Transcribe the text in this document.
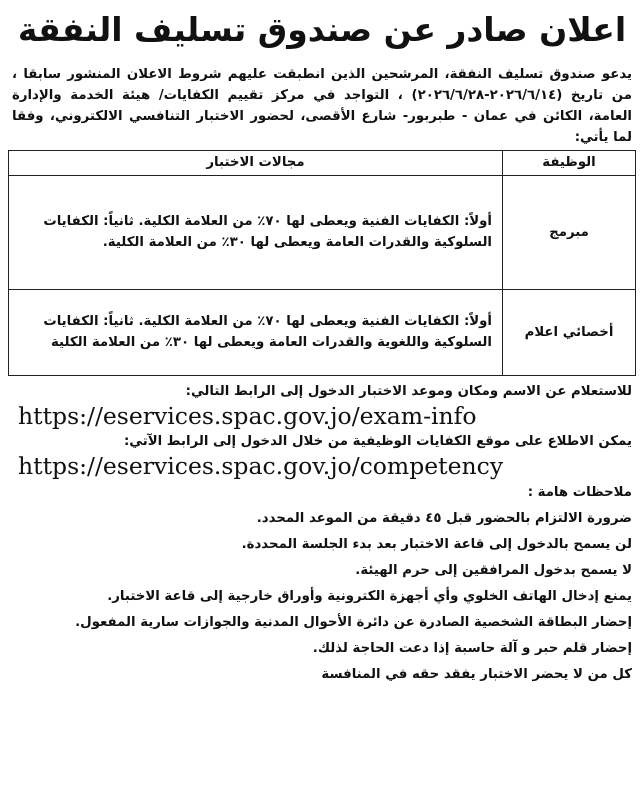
اعلان صادر عن صندوق تسليف النفقة

يدعو صندوق تسليف النفقة، المرشحين الذين انطبقت عليهم شروط الاعلان المنشور سابقا ، من تاريخ (٢٠٢٦/٦/١٤-٢٠٢٦/٦/٢٨) ، التواجد في مركز تقييم الكفايات/ هيئة الخدمة والإدارة العامة، الكائن في عمان - طبربور- شارع الأقصى، لحضور الاختبار التنافسي الالكتروني، وفقا لما يأتي:

الوظيفة	مجالات الاختبار
مبرمج	أولاً: الكفايات الفنية ويعطى لها ٧٠٪ من العلامة الكلية. ثانياً: الكفايات السلوكية والقدرات العامة ويعطى لها ٣٠٪ من العلامة الكلية.
أخصائي اعلام	أولاً: الكفايات الفنية ويعطى لها ٧٠٪ من العلامة الكلية. ثانياً: الكفايات السلوكية واللغوية والقدرات العامة ويعطى لها ٣٠٪ من العلامة الكلية
للاستعلام عن الاسم ومكان وموعد الاختبار الدخول إلى الرابط التالي:
https://eservices.spac.gov.jo/exam-info
يمكن الاطلاع على موقع الكفايات الوظيفية من خلال الدخول إلى الرابط الآتي:
https://eservices.spac.gov.jo/competency
ملاحظات هامة :
ضرورة الالتزام بالحضور قبل ٤٥ دقيقة من الموعد المحدد.
لن يسمح بالدخول إلى قاعة الاختبار بعد بدء الجلسة المحددة.
لا يسمح بدخول المرافقين إلى حرم الهيئة.
يمنع إدخال الهاتف الخلوي وأي أجهزة الكترونية وأوراق خارجية إلى قاعة الاختبار.
إحضار البطاقة الشخصية الصادرة عن دائرة الأحوال المدنية والجوازات سارية المفعول.
إحضار قلم حبر و آلة حاسبة إذا دعت الحاجة لذلك.
كل من لا يحضر الاختبار يفقد حقه في المنافسة
